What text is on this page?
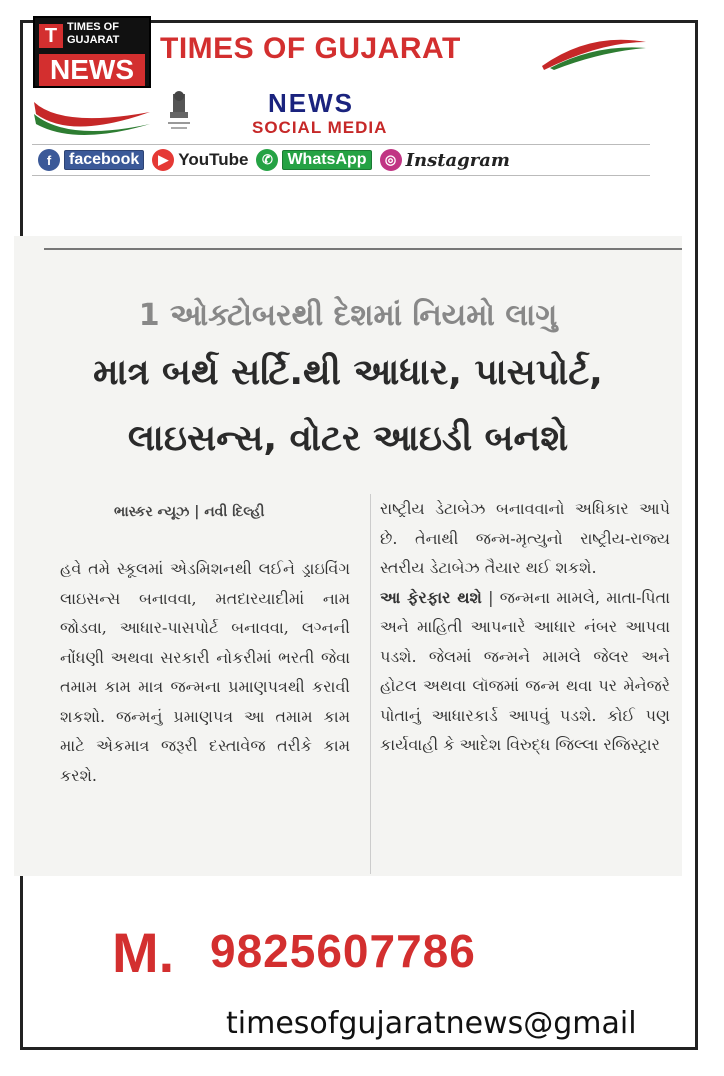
T TIMES OF
GUJARAT
NEWS
TIMES OF GUJARAT
NEWS
SOCIAL MEDIA
f	facebook	▶ YouTube	✆ WhatsApp	◎ Instagram
1 ઓક્ટોબરથી દેશમાં નિયમો લાગુ
માત્ર બર્થ સર્ટિ.થી આધાર, પાસપોર્ટ,
લાઇસન્સ, વોટર આઇડી બનશે
ભાસ્કર ન્યૂઝ | નવી દિલ્હી

હવે તમે સ્કૂલમાં એડમિશનથી લઈને ડ્રાઇવિંગ લાઇસન્સ બનાવવા, મતદારયાદીમાં નામ જોડવા, આધાર-પાસપોર્ટ બનાવવા, લગ્નની નોંધણી અથવા સરકારી નોકરીમાં ભરતી જેવા તમામ કામ માત્ર જન્મના પ્રમાણપત્રથી કરાવી શકશો. જન્મનું પ્રમાણપત્ર આ તમામ કામ માટે એકમાત્ર જરૂરી દસ્તાવેજ તરીકે કામ કરશે.

રાષ્ટ્રીય ડેટાબેઝ બનાવવાનો અધિકાર આપે છે. તેનાથી જન્મ-મૃત્યુનો રાષ્ટ્રીય-રાજ્ય સ્તરીય ડેટાબેઝ તૈયાર થઈ શકશે.

આ ફેરફાર થશે | જન્મના મામલે, માતા-પિતા અને માહિતી આપનારે આધાર નંબર આપવા પડશે. જેલમાં જન્મને મામલે જેલર અને હોટલ અથવા લૉજમાં જન્મ થવા પર મેનેજરે પોતાનું આધારકાર્ડ આપવું પડશે. કોઈ પણ કાર્યવાહી કે આદેશ વિરુદ્ધ જિલ્લા રજિસ્ટ્રાર

M. 9825607786
timesofgujaratnews@gmail
